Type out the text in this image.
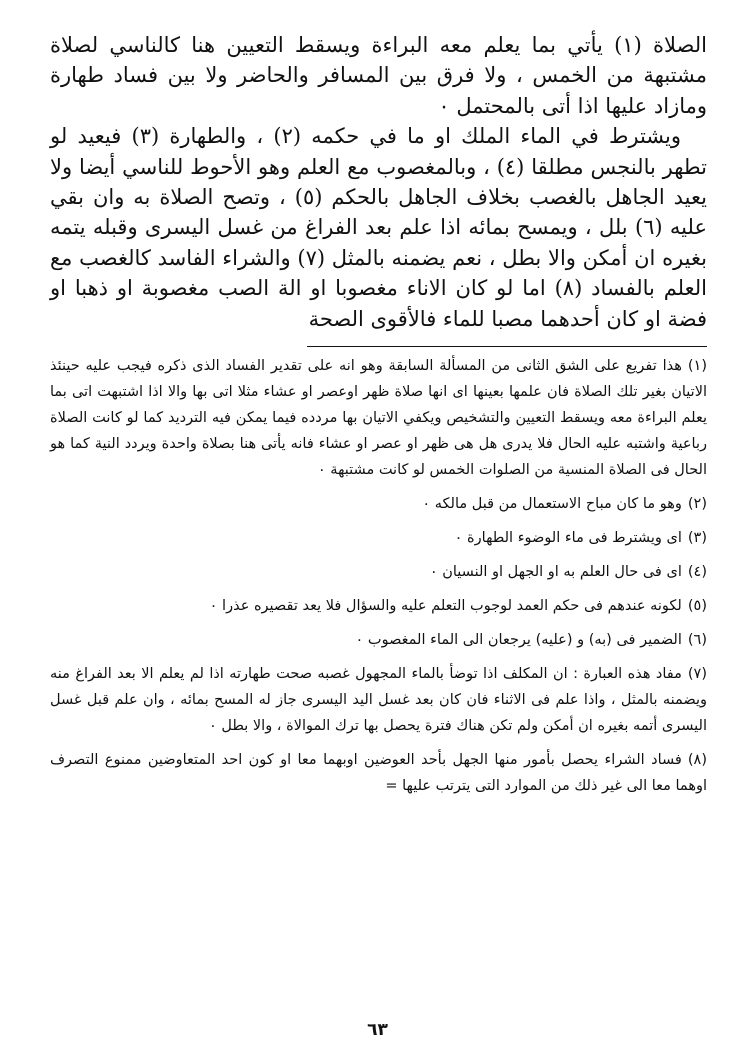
الصلاة (١) يأتي بما يعلم معه البراءة ويسقط التعيين هنا كالناسي لصلاة مشتبهة من الخمس ، ولا فرق بين المسافر والحاضر ولا بين فساد طهارة ومازاد عليها اذا أتى بالمحتمل ٠

ويشترط في الماء الملك او ما في حكمه (٢) ، والطهارة (٣) فيعيد لو تطهر بالنجس مطلقا (٤) ، وبالمغصوب مع العلم وهو الأحوط للناسي أيضا ولا يعيد الجاهل بالغصب بخلاف الجاهل بالحكم (٥) ، وتصح الصلاة به وان بقي عليه (٦) بلل ، ويمسح بمائه اذا علم بعد الفراغ من غسل اليسرى وقبله يتمه بغيره ان أمكن والا بطل ، نعم يضمنه بالمثل (٧) والشراء الفاسد كالغصب مع العلم بالفساد (٨) اما لو كان الاناء مغصوبا او الة الصب مغصوبة او ذهبا او فضة او كان أحدهما مصبا للماء فالأقوى الصحة

(١)هذا تفريع على الشق الثانى من المسألة السابقة وهو انه على تقدير الفساد الذى ذكره فيجب عليه حينئذ الاتيان بغير تلك الصلاة فان علمها بعينها اى انها صلاة ظهر اوعصر او عشاء مثلا اتى بها والا اذا اشتبهت اتى بما يعلم البراءة معه ويسقط التعيين والتشخيص ويكفي الاتيان بها مردده فيما يمكن فيه الترديد كما لو كانت الصلاة رباعية واشتبه عليه الحال فلا يدرى هل هى ظهر او عصر او عشاء فانه يأتى هنا بصلاة واحدة ويردد النية كما هو الحال فى الصلاة المنسية من الصلوات الخمس لو كانت مشتبهة ٠

(٢)وهو ما كان مباح الاستعمال من قبل مالكه ٠

(٣)اى ويشترط فى ماء الوضوء الطهارة ٠

(٤)اى فى حال العلم به او الجهل او النسيان ٠

(٥)لكونه عندهم فى حكم العمد لوجوب التعلم عليه والسؤال فلا يعد تقصيره عذرا ٠

(٦)الضمير فى (به) و (عليه) يرجعان الى الماء المغصوب ٠

(٧)مفاد هذه العبارة : ان المكلف اذا توضأ بالماء المجهول غصبه صحت طهارته اذا لم يعلم الا بعد الفراغ منه ويضمنه بالمثل ، واذا علم فى الاثناء فان كان بعد غسل اليد اليسرى جاز له المسح بمائه ، وان علم قبل غسل اليسرى أتمه بغيره ان أمكن ولم تكن هناك فترة يحصل بها ترك الموالاة ، والا بطل ٠

(٨)فساد الشراء يحصل بأمور منها الجهل بأحد العوضين اوبهما معا او كون احد المتعاوضين ممنوع التصرف اوهما معا الى غير ذلك من الموارد التى يترتب عليها =

٦٣
